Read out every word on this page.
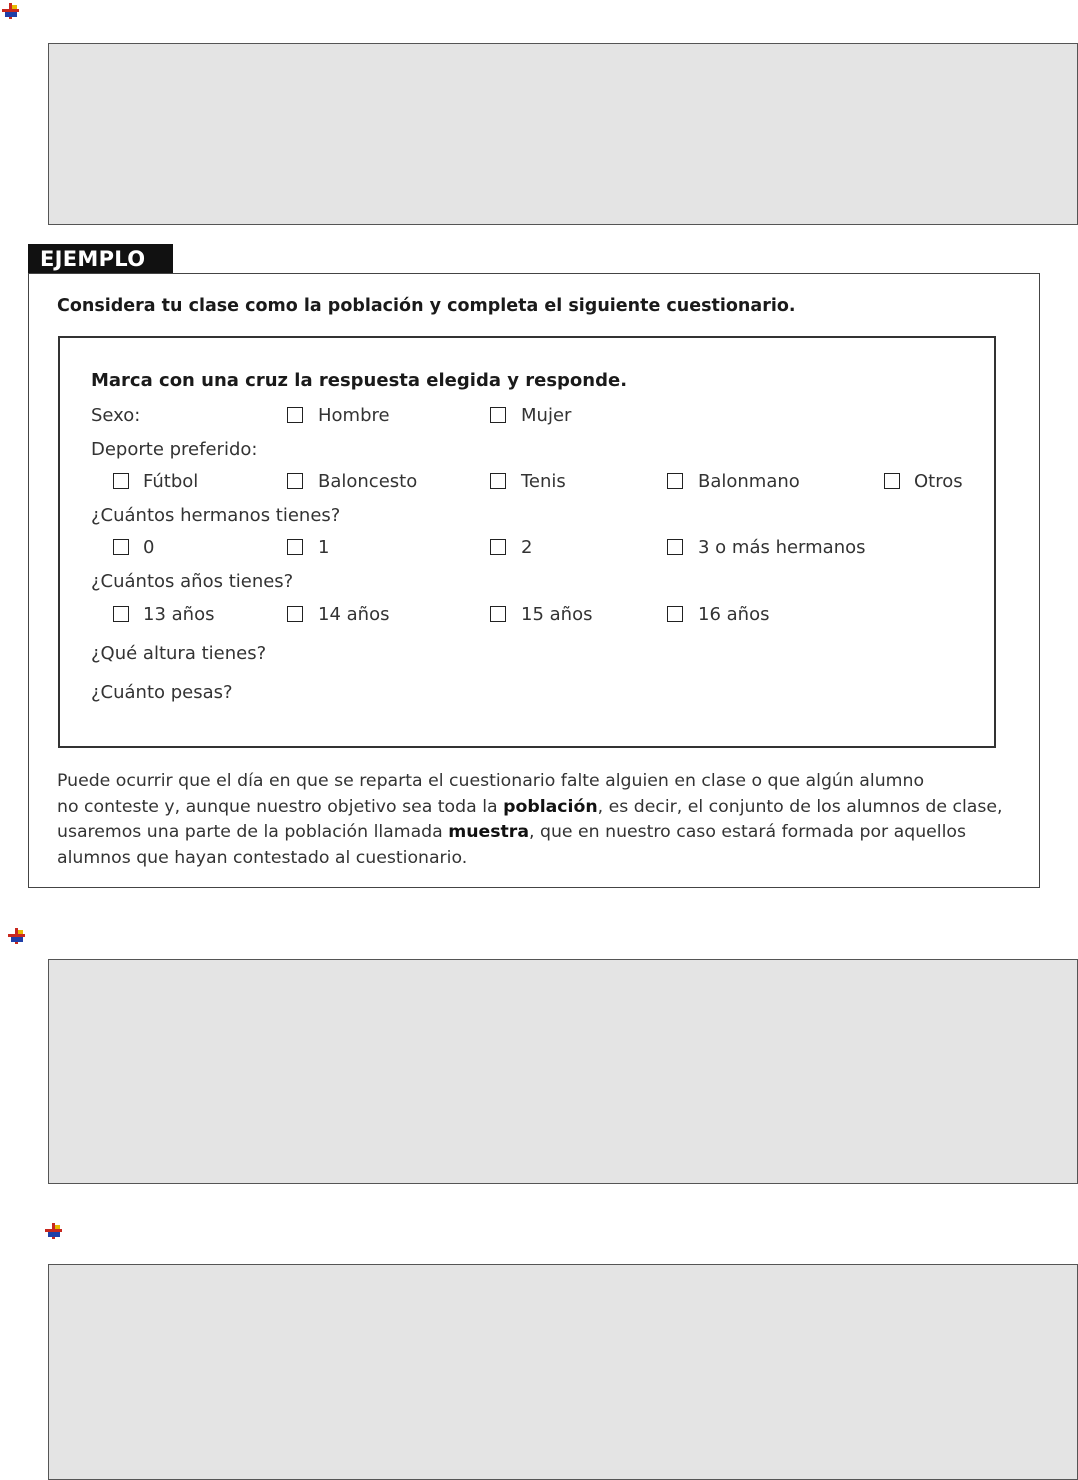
EJEMPLO
Considera tu clase como la población y completa el siguiente cuestionario.
Marca con una cruz la respuesta elegida y responde.
Sexo:	Hombre	Mujer
Deporte preferido:
Fútbol	Baloncesto	Tenis	Balonmano	Otros
¿Cuántos hermanos tienes?
0	1	2	3 o más hermanos
¿Cuántos años tienes?
13 años	14 años	15 años	16 años
¿Qué altura tienes?
¿Cuánto pesas?
Puede ocurrir que el día en que se reparta el cuestionario falte alguien en clase o que algún alumno
no conteste y, aunque nuestro objetivo sea toda la población, es decir, el conjunto de los alumnos de clase,
usaremos una parte de la población llamada muestra, que en nuestro caso estará formada por aquellos
alumnos que hayan contestado al cuestionario.
